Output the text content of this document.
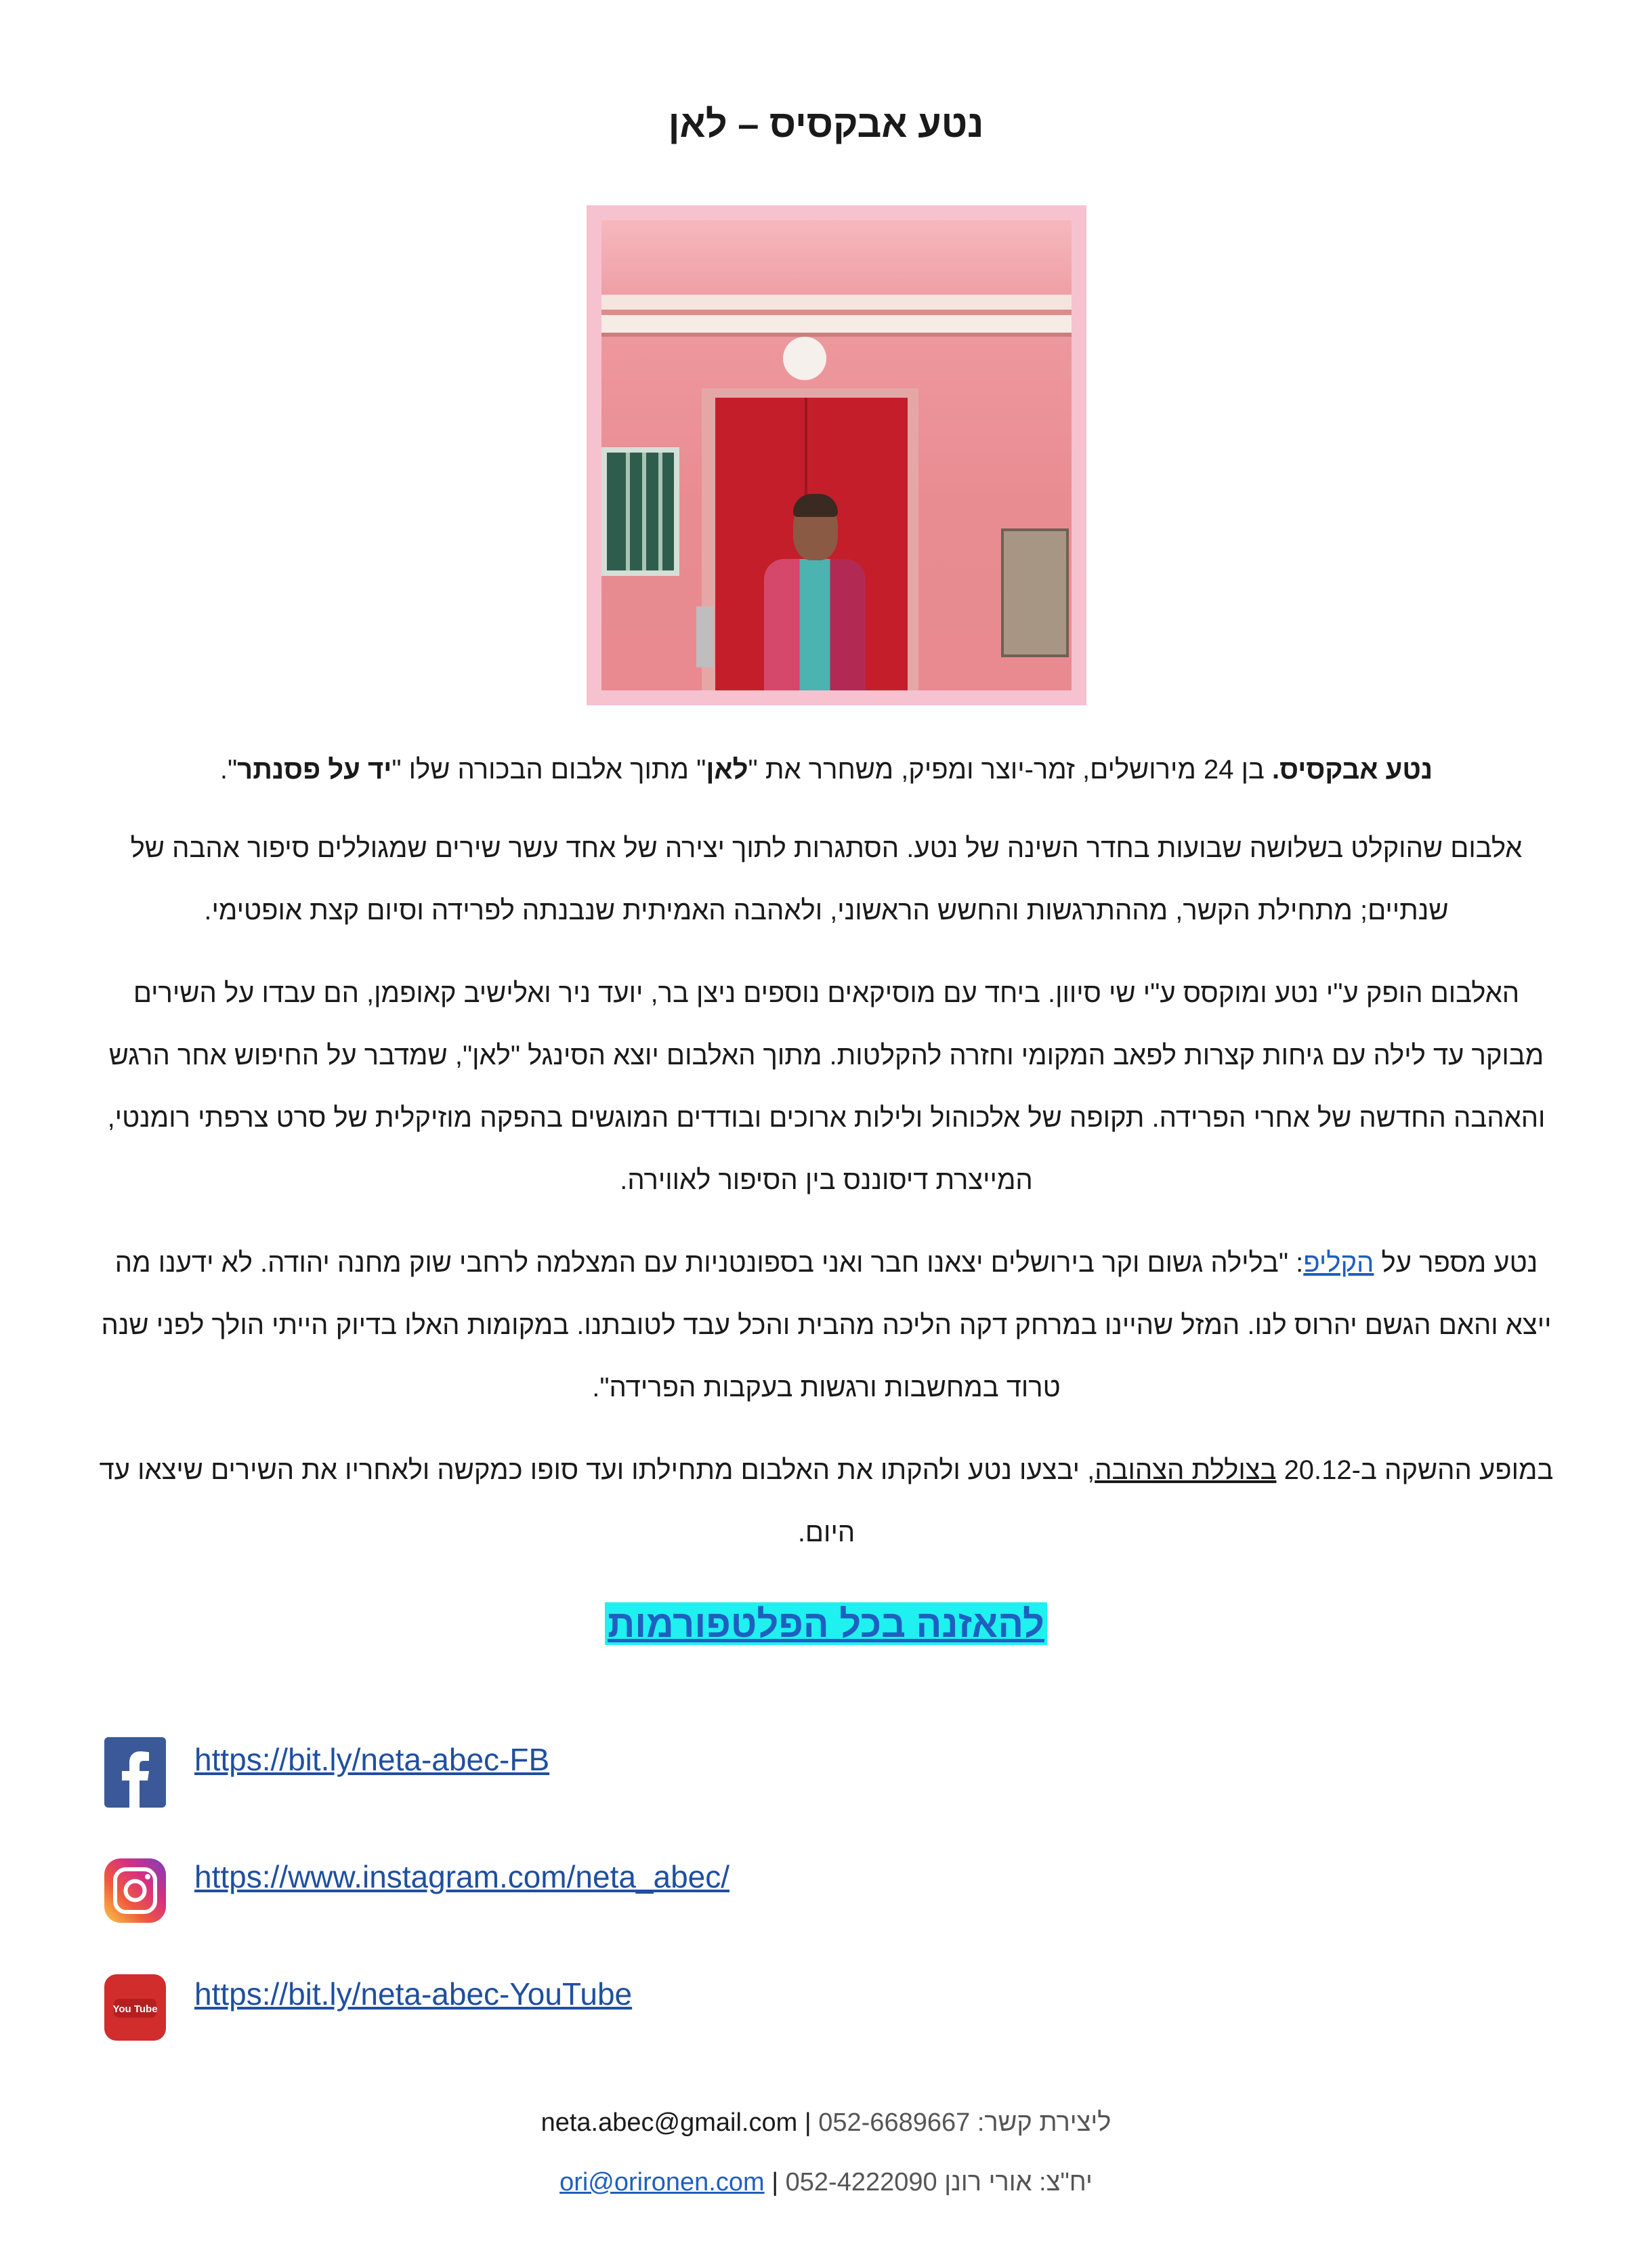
נטע אבקסיס – לאן

נטע אבקסיס. בן 24 מירושלים, זמר-יוצר ומפיק, משחרר את "לאן" מתוך אלבום הבכורה שלו "יד על פסנתר".

אלבום שהוקלט בשלושה שבועות בחדר השינה של נטע. הסתגרות לתוך יצירה של אחד עשר שירים שמגוללים סיפור אהבה של שנתיים; מתחילת הקשר, מההתרגשות והחשש הראשוני, ולאהבה האמיתית שנבנתה לפרידה וסיום קצת אופטימי.

האלבום הופק ע"י נטע ומוקסס ע"י שי סיוון. ביחד עם מוסיקאים נוספים ניצן בר, יועד ניר ואלישיב קאופמן, הם עבדו על השירים מבוקר עד לילה עם גיחות קצרות לפאב המקומי וחזרה להקלטות. מתוך האלבום יוצא הסינגל "לאן", שמדבר על החיפוש אחר הרגש והאהבה החדשה של אחרי הפרידה. תקופה של אלכוהול ולילות ארוכים ובודדים המוגשים בהפקה מוזיקלית של סרט צרפתי רומנטי, המייצרת דיסוננס בין הסיפור לאווירה.

נטע מספר על הקליפ: "בלילה גשום וקר בירושלים יצאנו חבר ואני בספונטניות עם המצלמה לרחבי שוק מחנה יהודה. לא ידענו מה ייצא והאם הגשם יהרוס לנו. המזל שהיינו במרחק דקה הליכה מהבית והכל עבד לטובתנו. במקומות האלו בדיוק הייתי הולך לפני שנה טרוד במחשבות ורגשות בעקבות הפרידה".

במופע ההשקה ב-20.12 בצוללת הצהובה, יבצעו נטע ולהקתו את האלבום מתחילתו ועד סופו כמקשה ולאחריו את השירים שיצאו עד היום.

להאזנה בכל הפלטפורמות
https://bit.ly/neta-abec-FB
https://www.instagram.com/neta_abec/
You Tube https://bit.ly/neta-abec-YouTube

ליצירת קשר: 052-6689667 | neta.abec@gmail.com

יח"צ: אורי רונן 052-4222090 | ori@orironen.com
